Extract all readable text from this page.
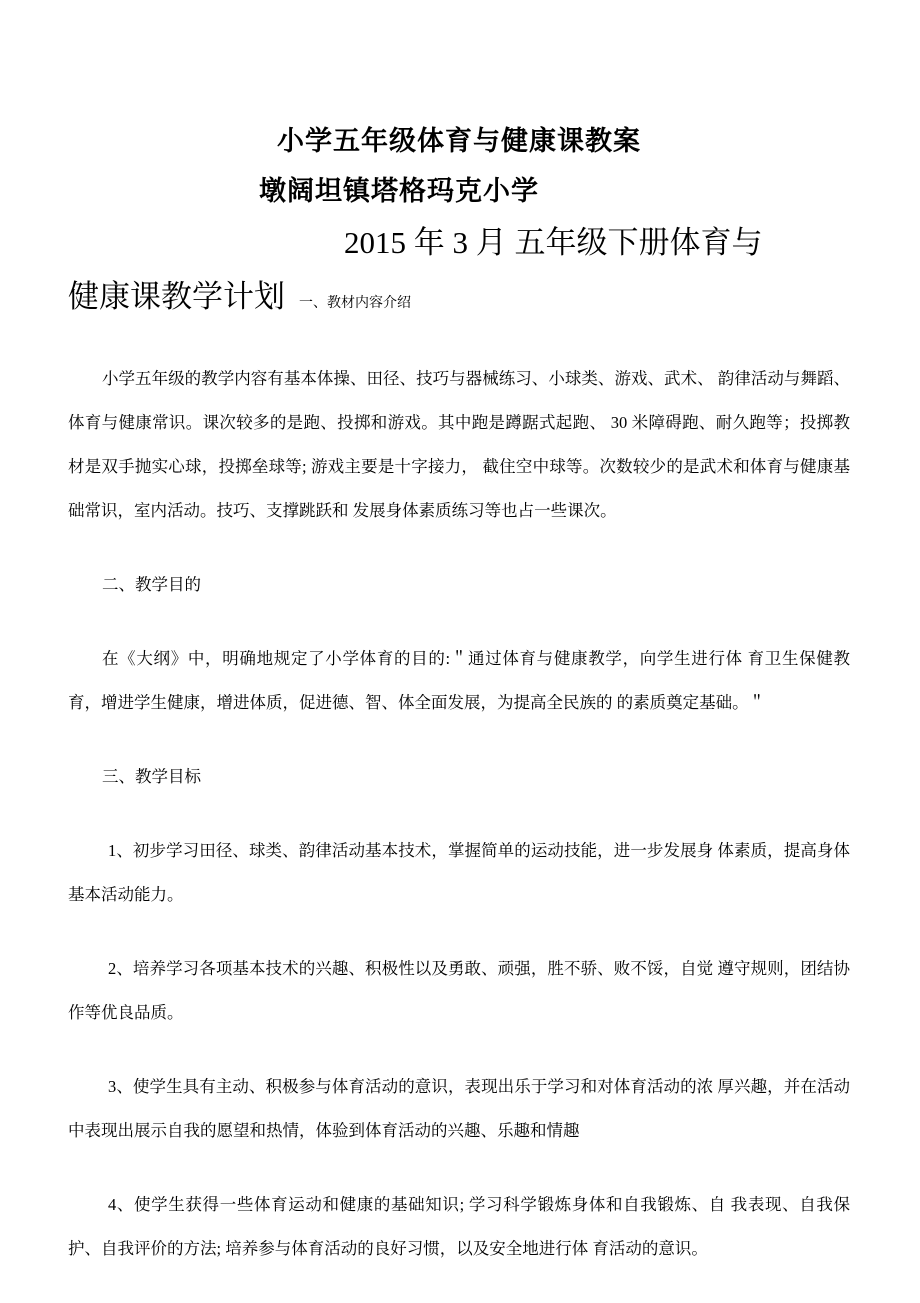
小学五年级体育与健康课教案
墩阔坦镇塔格玛克小学
2015 年 3 月 五年级下册体育与
健康课教学计划 一、教材内容介绍

小学五年级的教学内容有基本体操、田径、技巧与器械练习、小球类、游戏、武术、 韵律活动与舞蹈、体育与健康常识。课次较多的是跑、投掷和游戏。其中跑是蹲踞式起跑、 30 米障碍跑、耐久跑等；投掷教材是双手抛实心球，投掷垒球等; 游戏主要是十字接力， 截住空中球等。次数较少的是武术和体育与健康基础常识，室内活动。技巧、支撑跳跃和 发展身体素质练习等也占一些课次。

二、教学目的

在《大纲》中，明确地规定了小学体育的目的:＂通过体育与健康教学，向学生进行体 育卫生保健教育，增进学生健康，增进体质，促进德、智、体全面发展，为提高全民族的 的素质奠定基础。＂

三、教学目标

1、初步学习田径、球类、韵律活动基本技术，掌握简单的运动技能，进一步发展身 体素质，提高身体基本活动能力。

2、培养学习各项基本技术的兴趣、积极性以及勇敢、顽强，胜不骄、败不馁，自觉 遵守规则，团结协作等优良品质。

3、使学生具有主动、积极参与体育活动的意识，表现出乐于学习和对体育活动的浓 厚兴趣，并在活动中表现出展示自我的愿望和热情，体验到体育活动的兴趣、乐趣和情趣

4、使学生获得一些体育运动和健康的基础知识; 学习科学锻炼身体和自我锻炼、自 我表现、自我保护、自我评价的方法; 培养参与体育活动的良好习惯，以及安全地进行体 育活动的意识。
